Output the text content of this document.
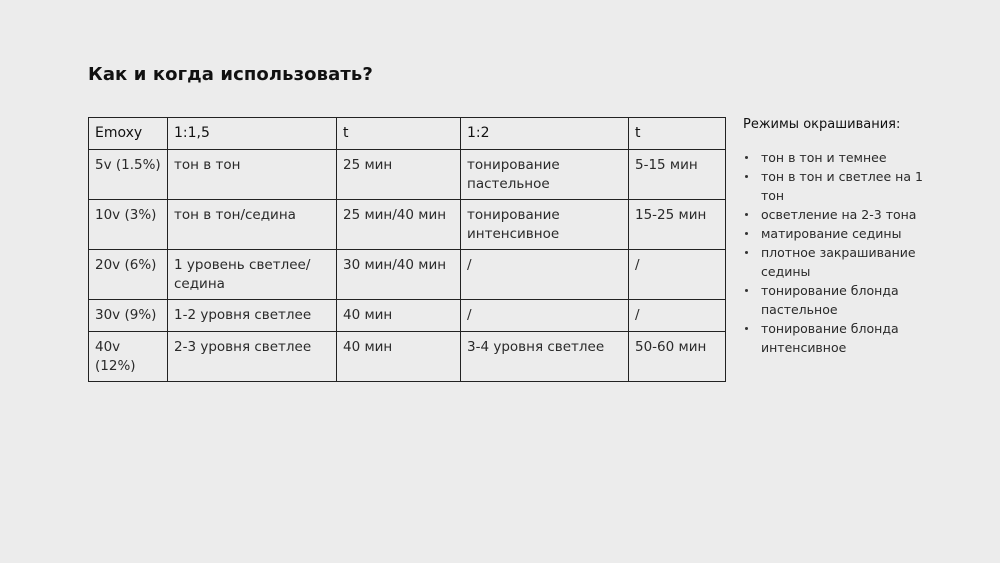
Как и когда использовать?
Emoxy	1:1,5	t	1:2	t
5v (1.5%)	тон в тон	25 мин	тонирование пастельное	5-15 мин
10v (3%)	тон в тон/седина	25 мин/40 мин	тонирование интенсивное	15-25 мин
20v (6%)	1 уровень светлее/седина	30 мин/40 мин	/	/
30v (9%)	1-2 уровня светлее	40 мин	/	/
40v (12%)	2-3 уровня светлее	40 мин	3-4 уровня светлее	50-60 мин

Режимы окрашивания:

тон в тон и темнее
тон в тон и светлее на 1 тон
осветление на 2-3 тона
матирование седины
плотное закрашивание седины
тонирование блонда пастельное
тонирование блонда интенсивное
